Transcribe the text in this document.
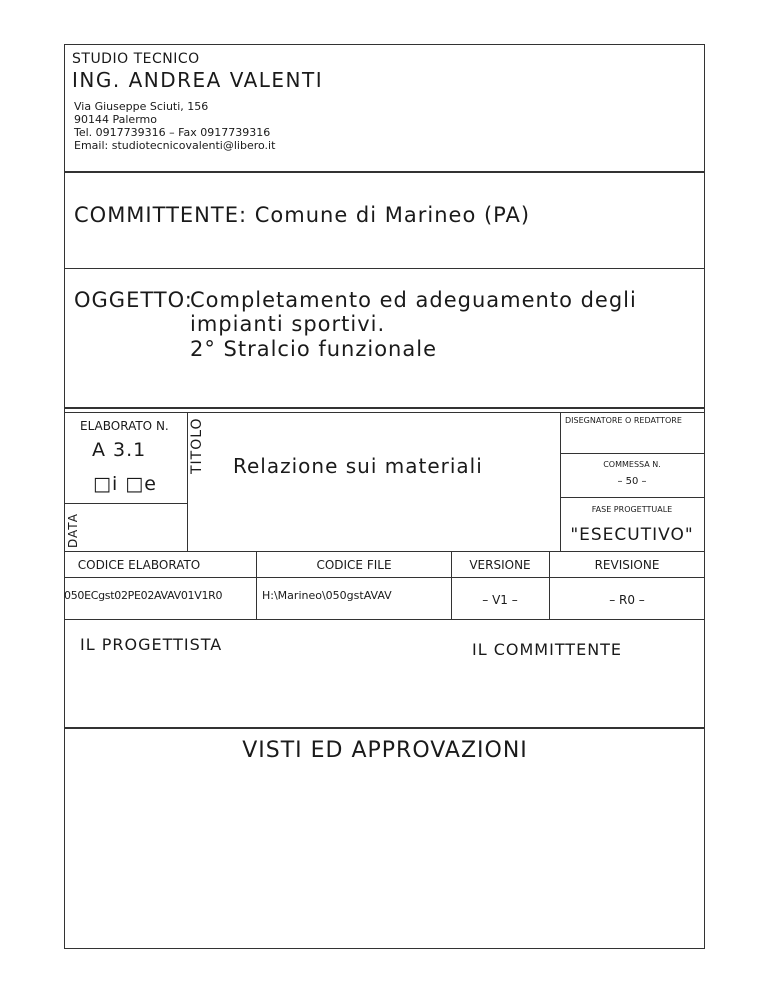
STUDIO TECNICO
ING. ANDREA VALENTI
Via Giuseppe Sciuti, 156
90144 Palermo
Tel. 0917739316 – Fax 0917739316
Email: studiotecnicovalenti@libero.it
COMMITTENTE: Comune di Marineo (PA)
OGGETTO:
Completamento ed adeguamento degli
impianti sportivi.
2° Stralcio funzionale
ELABORATO N.
A 3.1
□i □e
DATA
TITOLO Relazione sui materiali
DISEGNATORE O REDATTORE
COMMESSA N.
– 50 –
FASE PROGETTUALE
"ESECUTIVO"
CODICE ELABORATO	CODICE FILE	VERSIONE	REVISIONE
050ECgst02PE02AVAV01V1R0	H:\Marineo\050gstAVAV	– V1 –	– R0 –
IL PROGETTISTA	IL COMMITTENTE
VISTI ED APPROVAZIONI
